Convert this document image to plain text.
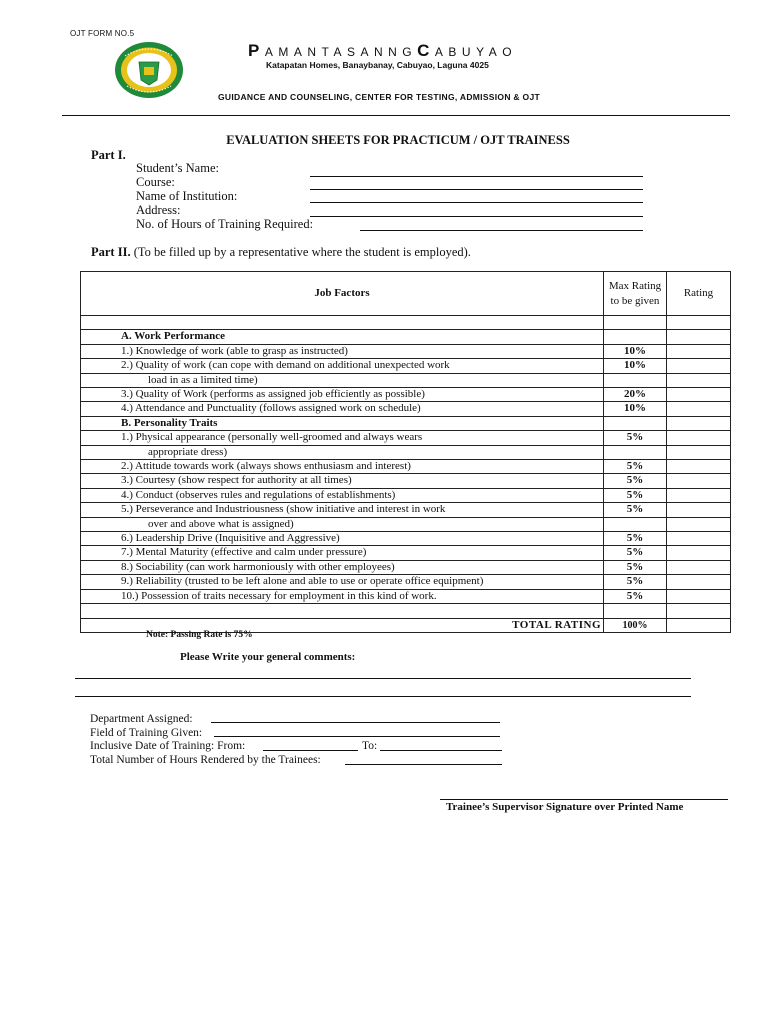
OJT FORM NO.5
PAMANTASANNGCABUYAO
Katapatan Homes, Banaybanay, Cabuyao, Laguna 4025
GUIDANCE AND COUNSELING, CENTER FOR TESTING, ADMISSION & OJT
EVALUATION SHEETS FOR PRACTICUM / OJT TRAINESS
Part I.
Student’s Name:
Course:
Name of Institution:
Address:
No. of Hours of Training Required:
Part II. (To be filled up by a representative where the student is employed).
Job Factors	Max Rating to be given	Rating

A. Work Performance		
1.) Knowledge of work (able to grasp as instructed)	10%	
2.) Quality of work (can cope with demand on additional unexpected work	10%	
load in as a limited time)		
3.) Quality of Work (performs as assigned job efficiently as possible)	20%	
4.) Attendance and Punctuality (follows assigned work on schedule)	10%	
B. Personality Traits		
1.) Physical appearance (personally well-groomed and always wears	5%	
appropriate dress)		
2.) Attitude towards work (always shows enthusiasm and interest)	5%	
3.) Courtesy (show respect for authority at all times)	5%	
4.) Conduct (observes rules and regulations of establishments)	5%	
5.) Perseverance and Industriousness (show initiative and interest in work	5%	
over and above what is assigned)		
6.) Leadership Drive (Inquisitive and Aggressive)	5%	
7.) Mental Maturity (effective and calm under pressure)	5%	
8.) Sociability (can work harmoniously with other employees)	5%	
9.) Reliability (trusted to be left alone and able to use or operate office equipment)	5%	
10.) Possession of traits necessary for employment in this kind of work.	5%	

TOTAL RATING	100%	
Note: Passing Rate is 75%
Please Write your general comments:
Department Assigned:
Field of Training Given:
Inclusive Date of Training: From:	To:
Total Number of Hours Rendered by the Trainees:
Trainee’s Supervisor Signature over Printed Name
